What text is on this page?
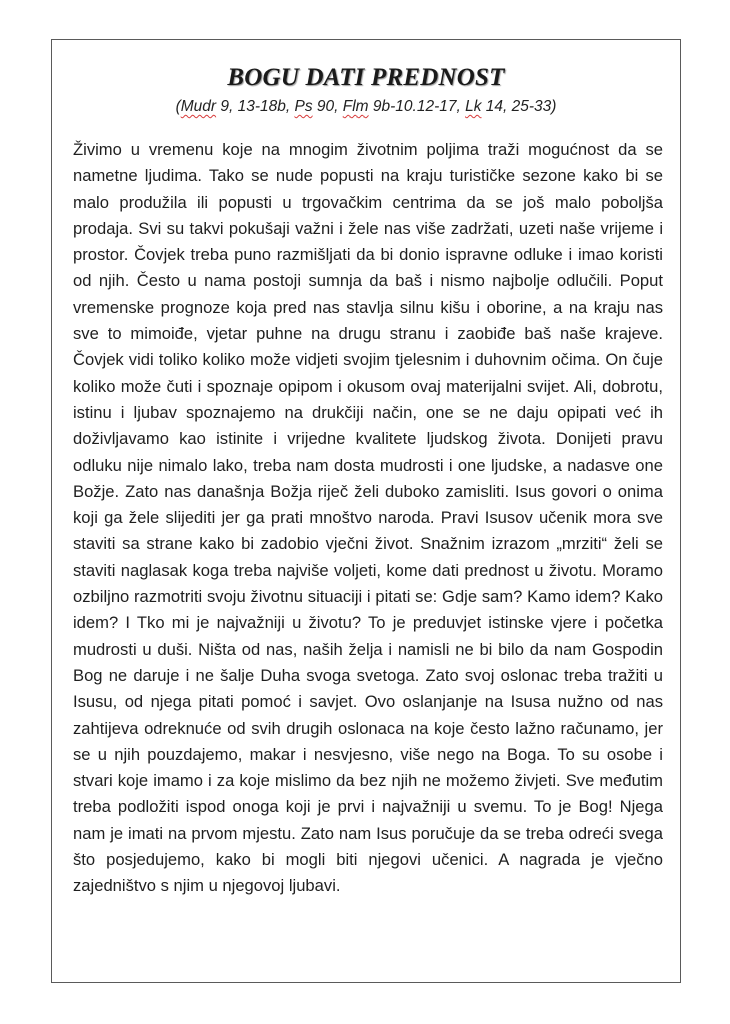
BOGU DATI PREDNOST

(Mudr 9, 13-18b, Ps 90, Flm 9b-10.12-17, Lk 14, 25-33)

Živimo u vremenu koje na mnogim životnim poljima traži mogućnost da se nametne ljudima. Tako se nude popusti na kraju turističke sezone kako bi se malo produžila ili popusti u trgovačkim centrima da se još malo poboljša prodaja. Svi su takvi pokušaji važni i žele nas više zadržati, uzeti naše vrijeme i prostor. Čovjek treba puno razmišljati da bi donio ispravne odluke i imao koristi od njih. Često u nama postoji sumnja da baš i nismo najbolje odlučili. Poput vremenske prognoze koja pred nas stavlja silnu kišu i oborine, a na kraju nas sve to mimoiđe, vjetar puhne na drugu stranu i zaobiđe baš naše krajeve. Čovjek vidi toliko koliko može vidjeti svojim tjelesnim i duhovnim očima. On čuje koliko može čuti i spoznaje opipom i okusom ovaj materijalni svijet. Ali, dobrotu, istinu i ljubav spoznajemo na drukčiji način, one se ne daju opipati već ih doživljavamo kao istinite i vrijedne kvalitete ljudskog života. Donijeti pravu odluku nije nimalo lako, treba nam dosta mudrosti i one ljudske, a nadasve one Božje. Zato nas današnja Božja riječ želi duboko zamisliti. Isus govori o onima koji ga žele slijediti jer ga prati mnoštvo naroda. Pravi Isusov učenik mora sve staviti sa strane kako bi zadobio vječni život. Snažnim izrazom „mrziti“ želi se staviti naglasak koga treba najviše voljeti, kome dati prednost u životu. Moramo ozbiljno razmotriti svoju životnu situaciji i pitati se: Gdje sam? Kamo idem? Kako idem? I Tko mi je najvažniji u životu? To je preduvjet istinske vjere i početka mudrosti u duši. Ništa od nas, naših želja i namisli ne bi bilo da nam Gospodin Bog ne daruje i ne šalje Duha svoga svetoga. Zato svoj oslonac treba tražiti u Isusu, od njega pitati pomoć i savjet. Ovo oslanjanje na Isusa nužno od nas zahtijeva odreknuće od svih drugih oslonaca na koje često lažno računamo, jer se u njih pouzdajemo, makar i nesvjesno, više nego na Boga. To su osobe i stvari koje imamo i za koje mislimo da bez njih ne možemo živjeti. Sve međutim treba podložiti ispod onoga koji je prvi i najvažniji u svemu. To je Bog! Njega nam je imati na prvom mjestu. Zato nam Isus poručuje da se treba odreći svega što posjedujemo, kako bi mogli biti njegovi učenici. A nagrada je vječno zajedništvo s njim u njegovoj ljubavi.
